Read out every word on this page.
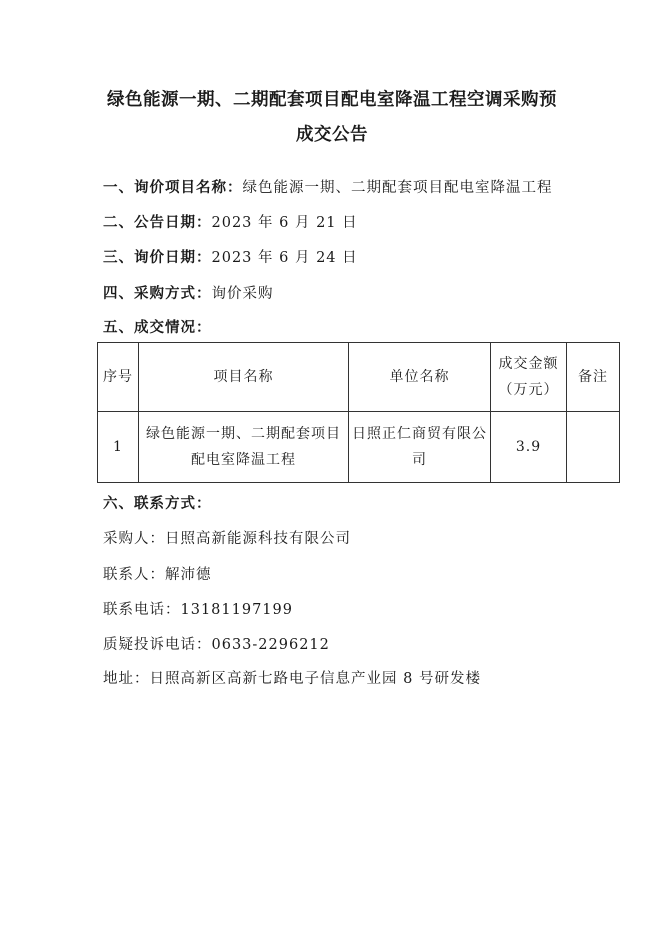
绿色能源一期、二期配套项目配电室降温工程空调采购预
成交公告
一、询价项目名称：绿色能源一期、二期配套项目配电室降温工程
二、公告日期：2023 年 6 月 21 日
三、询价日期：2023 年 6 月 24 日
四、采购方式：询价采购
五、成交情况：
序号	项目名称	单位名称	成交金额（万元）	备注
1	绿色能源一期、二期配套项目配电室降温工程	日照正仁商贸有限公司	3.9	
六、联系方式：
采购人：日照高新能源科技有限公司
联系人：解沛德
联系电话：13181197199
质疑投诉电话：0633-2296212
地址：日照高新区高新七路电子信息产业园 8 号研发楼
